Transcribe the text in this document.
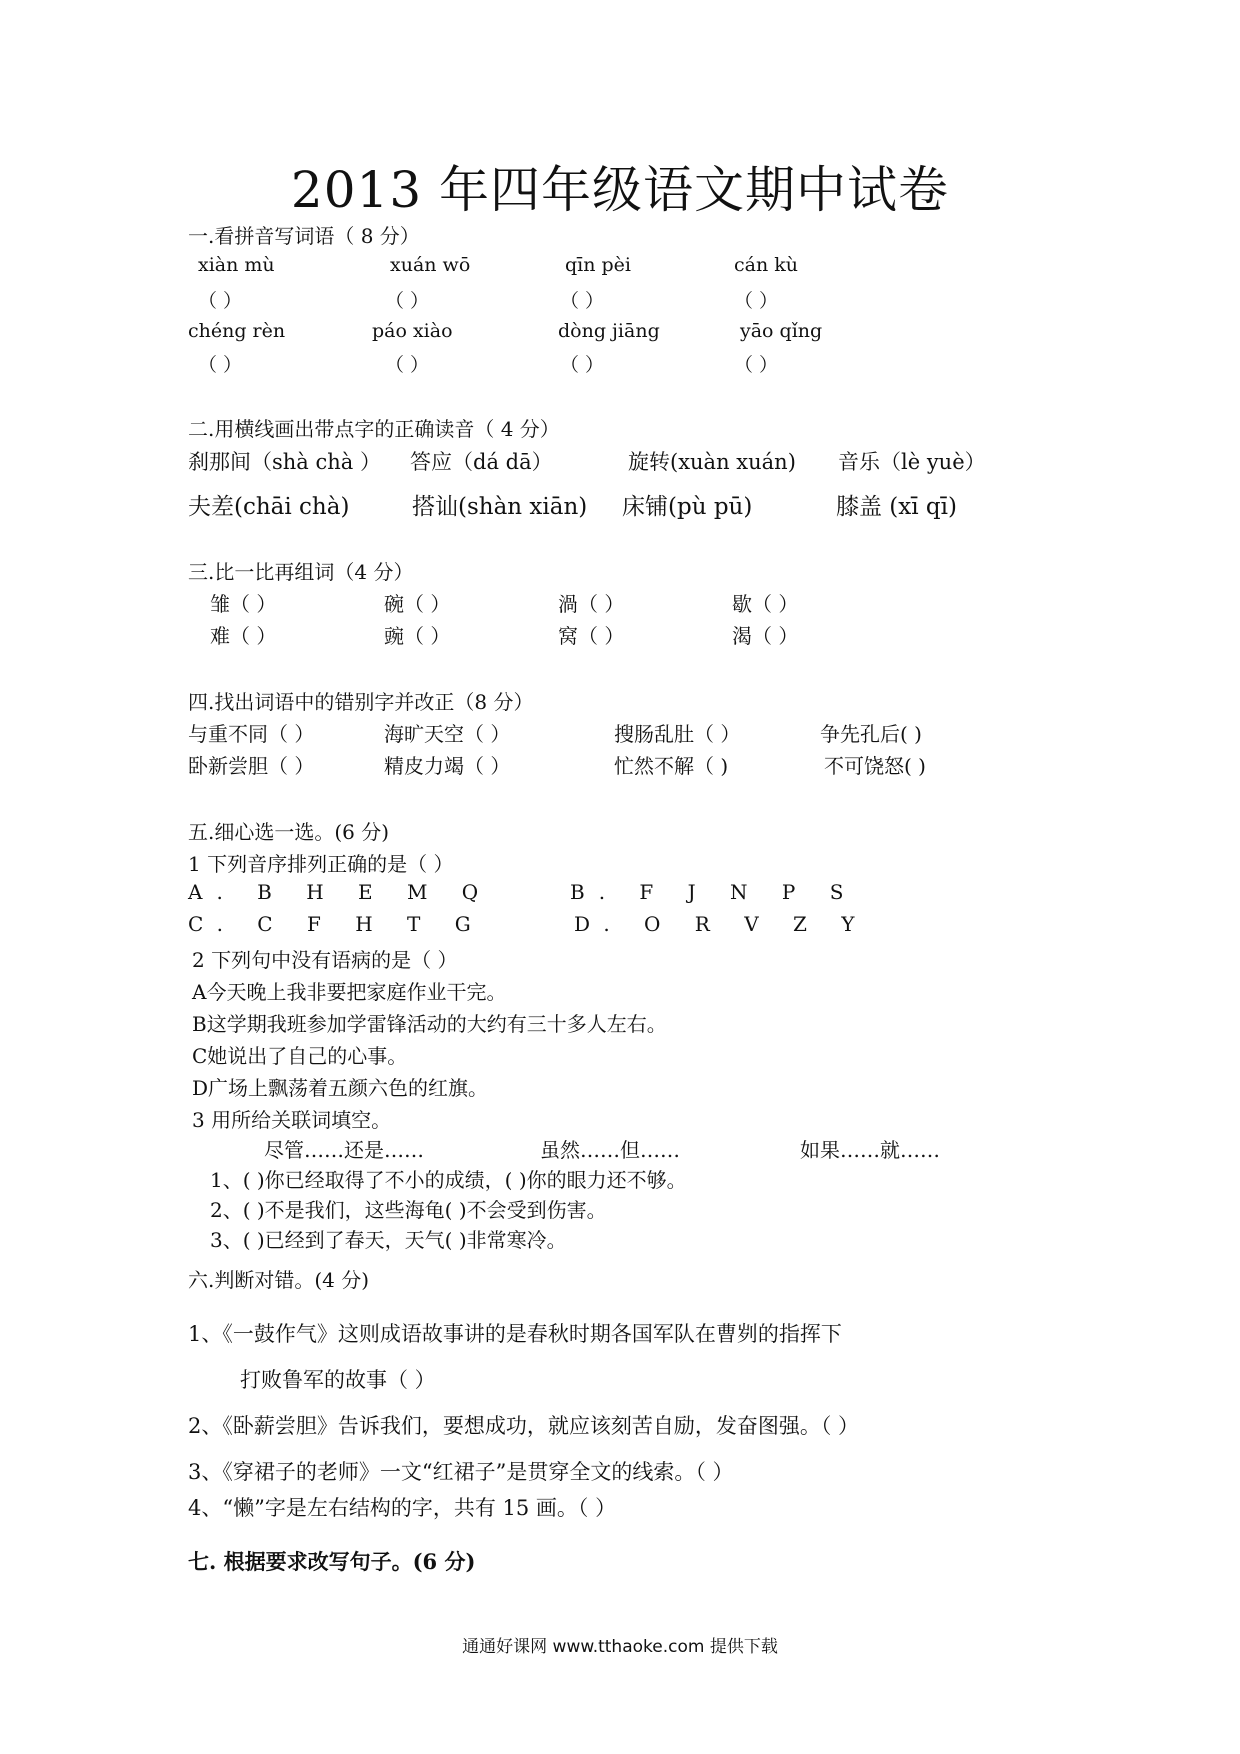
2013 年四年级语文期中试卷
一.看拼音写词语（ 8 分）
xiàn mù	xuán wō	qīn pèi	cán kù
（ ）	（ ）	（ ）	（ ）
chéng rèn	páo xiào	dòng jiāng	yāo qǐng
（ ）	（ ）	（ ）	（ ）
二.用横线画出带点字的正确读音（ 4 分）
刹那间（shà chà ） 答应（dá dā）	旋转(xuàn xuán) 音乐（lè yuè）
夫差(chāi chà)	搭讪(shàn xiān) 床铺(pù pū)	膝盖 (xī qī)
三.比一比再组词（4 分）
雏（ ）	碗（ ）	渦（ ）	歇（ ）
难（ ）	豌（ ）	窝（ ）	渴（ ）
四.找出词语中的错别字并改正（8 分）
与重不同（ ）	海旷天空（ ）	搜肠乱肚（ ）	争先孔后( )
卧新尝胆（ ）	精皮力竭（ ）	忙然不解（ )	不可饶怒( )
五.细心选一选。(6 分)
1 下列音序排列正确的是（ ）
A. B H E M Q	B. F J N P S
C. C F H T G	D. O R V Z Y
2 下列句中没有语病的是（ ）
A今天晚上我非要把家庭作业干完。
B这学期我班参加学雷锋活动的大约有三十多人左右。
C她说出了自己的心事。
D广场上飘荡着五颜六色的红旗。
3 用所给关联词填空。
尽管……还是……	虽然……但……	如果……就……
1、( )你已经取得了不小的成绩，( )你的眼力还不够。
2、( )不是我们，这些海龟( )不会受到伤害。
3、( )已经到了春天，天气( )非常寒冷。
六.判断对错。(4 分)
1、《一鼓作气》这则成语故事讲的是春秋时期各国军队在曹刿的指挥下
打败鲁军的故事（ ）
2、《卧薪尝胆》告诉我们，要想成功，就应该刻苦自励，发奋图强。（ ）
3、《穿裙子的老师》一文“红裙子”是贯穿全文的线索。（ ）
4、“懒”字是左右结构的字，共有 15 画。（ ）
七. 根据要求改写句子。(6 分)
通通好课网 www.tthaoke.com 提供下载
